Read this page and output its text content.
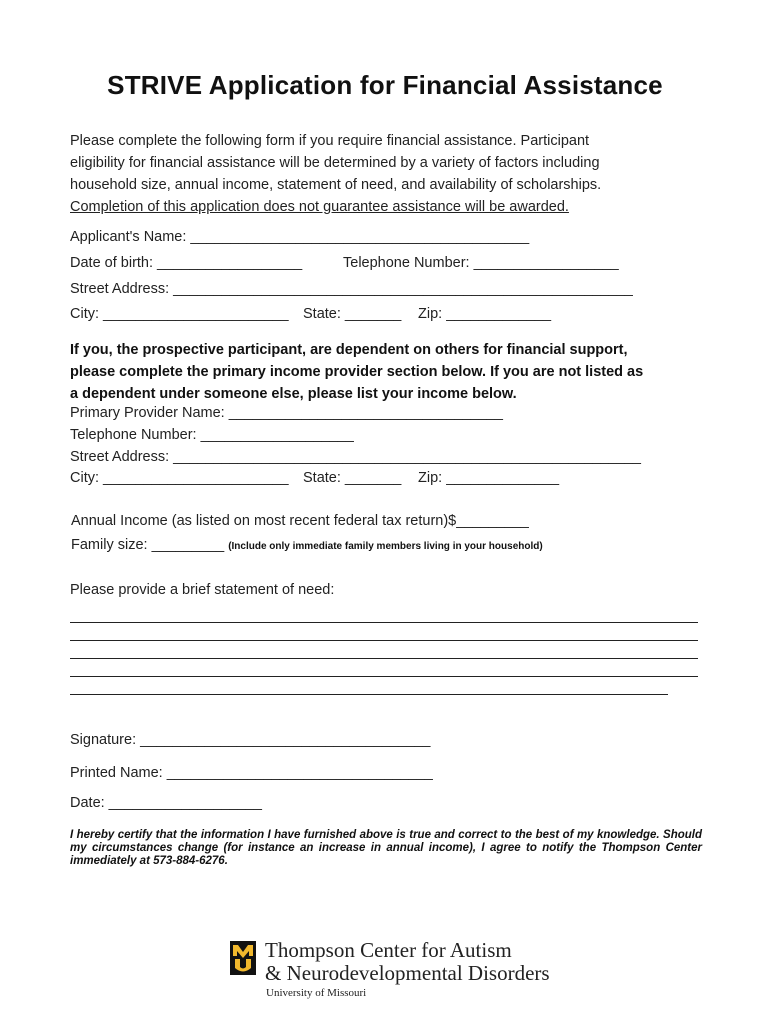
STRIVE Application for Financial Assistance
Please complete the following form if you require financial assistance. Participant
eligibility for financial assistance will be determined by a variety of factors including
household size, annual income, statement of need, and availability of scholarships.
Completion of this application does not guarantee assistance will be awarded.
Applicant's Name: __________________________________________
Date of birth: __________________	Telephone Number: __________________
Street Address: _________________________________________________________
City: _______________________ State: _______ Zip: _____________
If you, the prospective participant, are dependent on others for financial support,
please complete the primary income provider section below. If you are not listed as
a dependent under someone else, please list your income below.
Primary Provider Name: __________________________________
Telephone Number: ___________________
Street Address: __________________________________________________________
City: _______________________ State: _______ Zip: ______________
Annual Income (as listed on most recent federal tax return)$_________
Family size: _________ (Include only immediate family members living in your household)
Please provide a brief statement of need:
Signature: ____________________________________
Printed Name: _________________________________
Date: ___________________
I hereby certify that the information I have furnished above is true and correct to the best of my knowledge. Should my circumstances change (for instance an increase in annual income), I agree to notify the Thompson Center immediately at 573-884-6276.
Thompson Center for Autism
& Neurodevelopmental Disorders
University of Missouri
